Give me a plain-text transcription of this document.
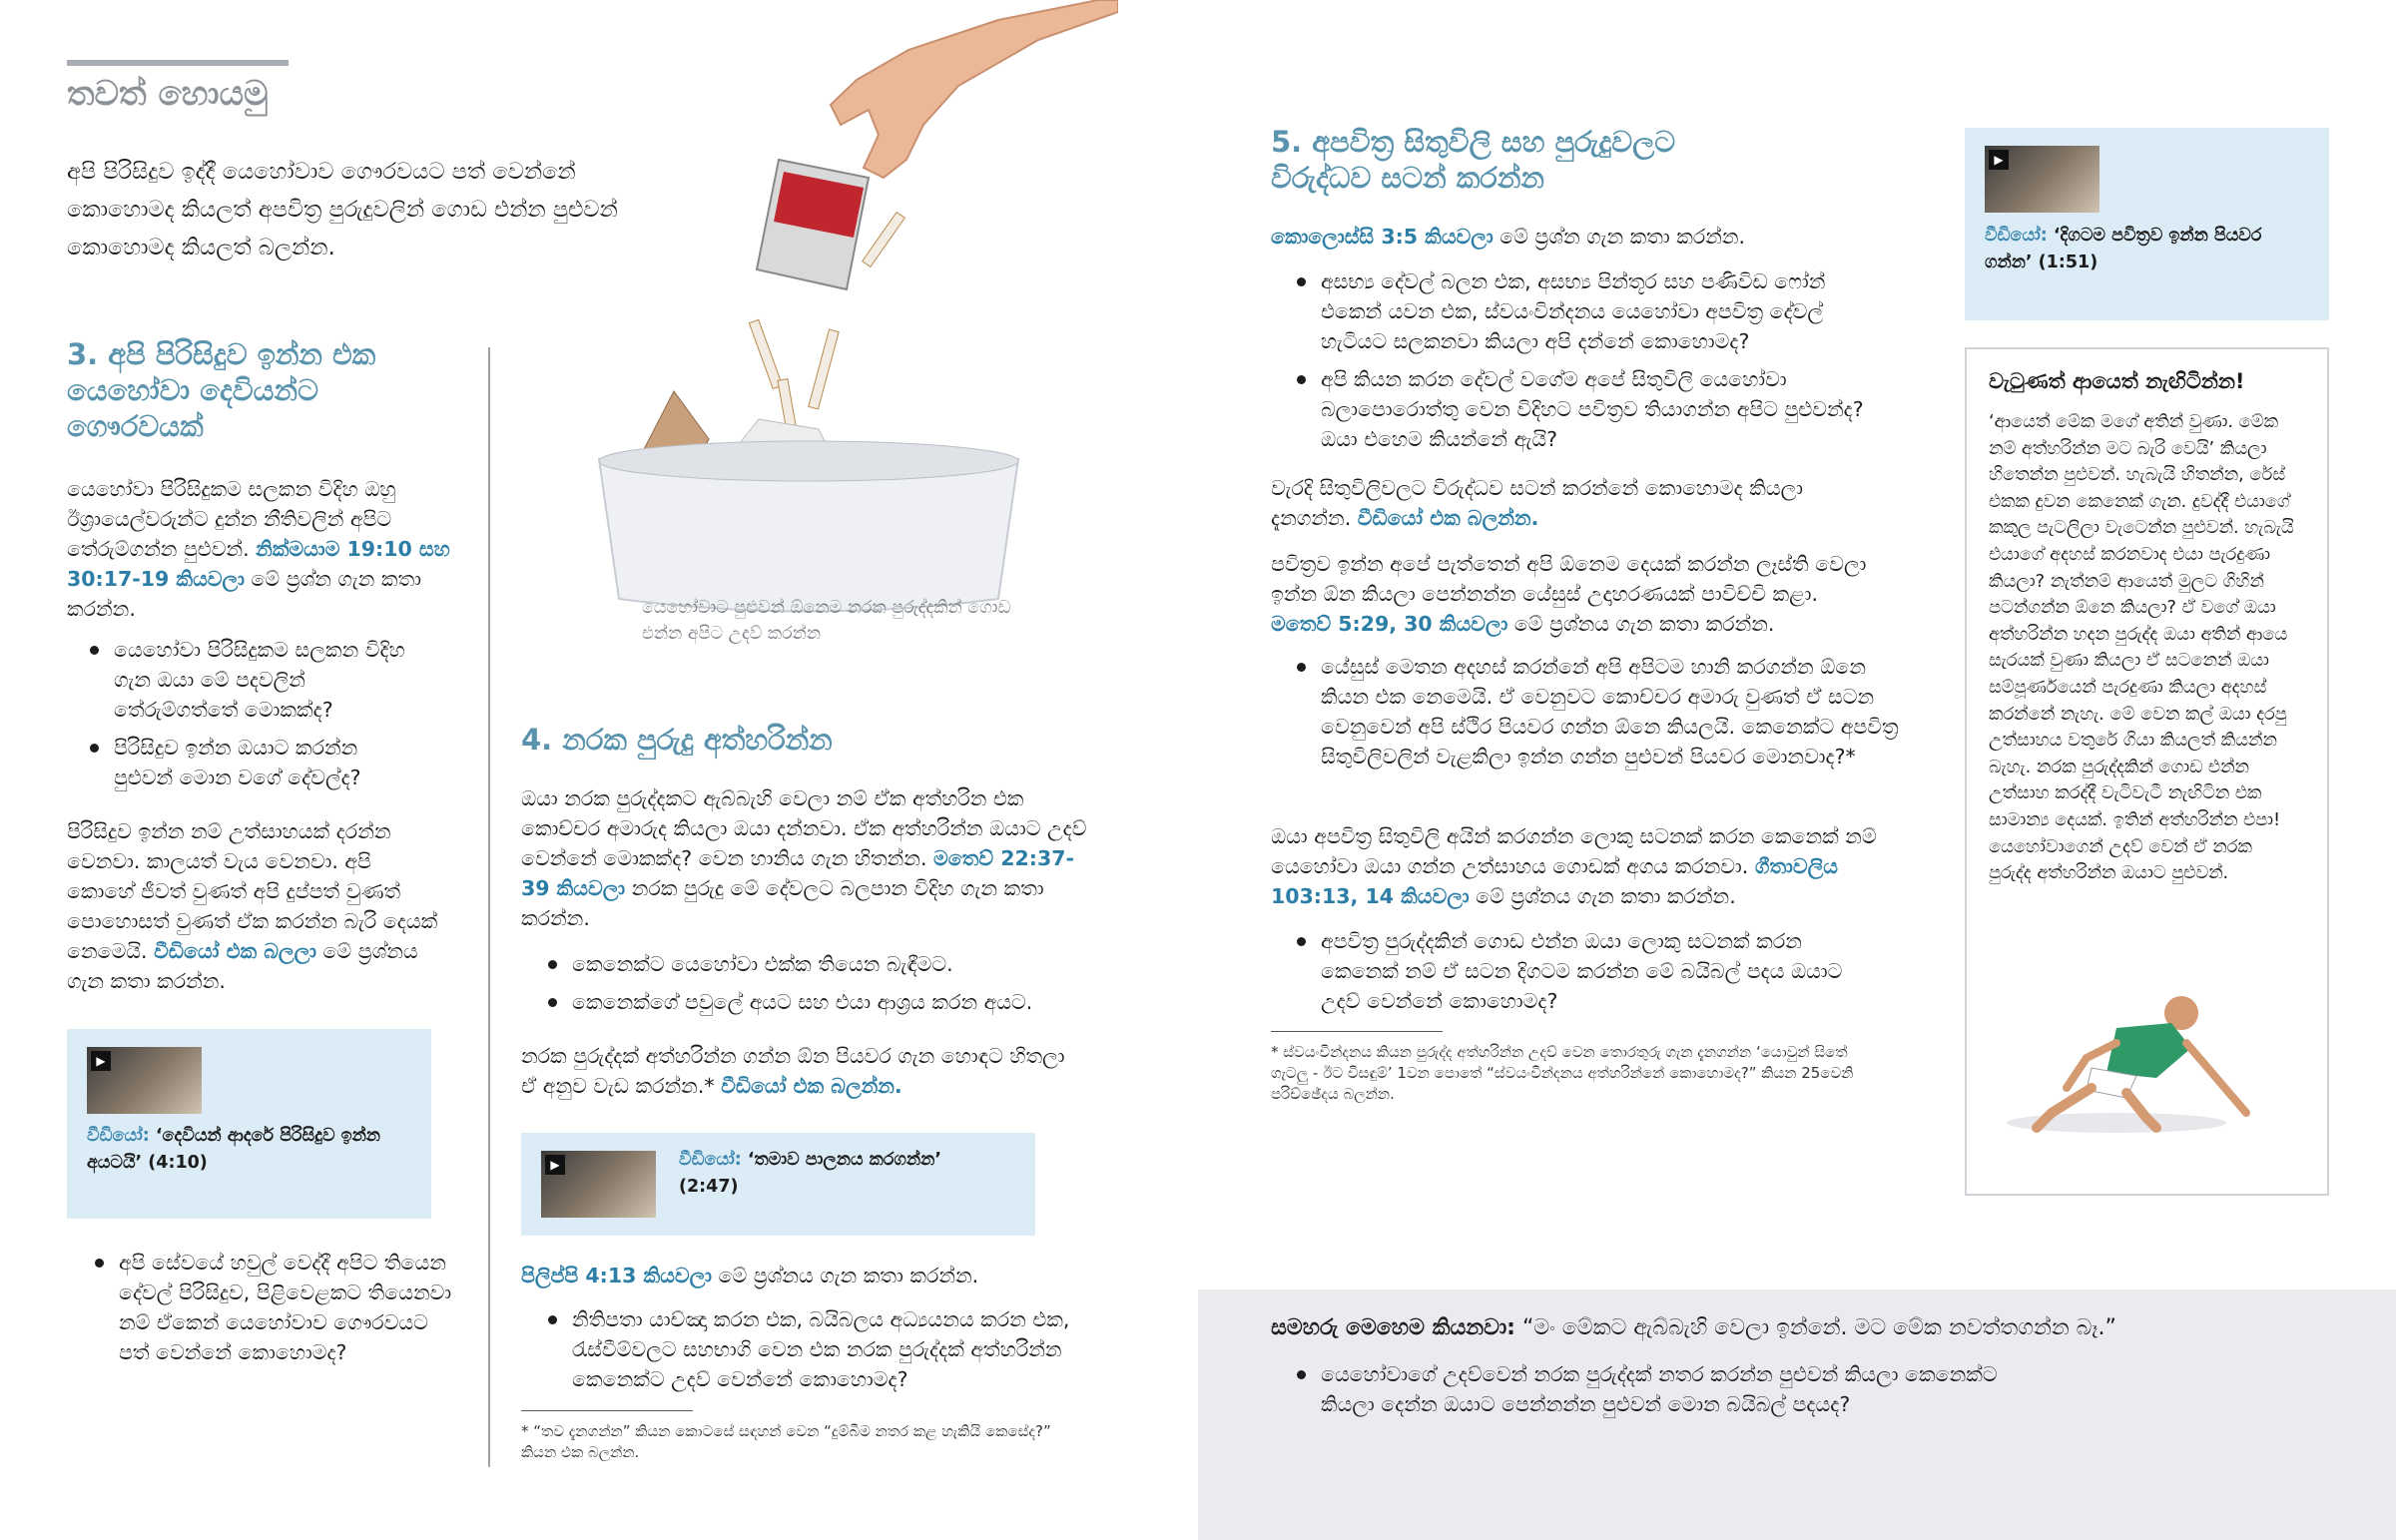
තවත් හොයමු
අපි පිරිසිදුව ඉද්දී යෙහෝවාව ගෞරවයට පත් වෙන්නේ කොහොමද කියලත් අපවිත්‍ර පුරුදුවලින් ගොඩ එන්න පුළුවන් කොහොමද කියලත් බලන්න.
3. අපි පිරිසිදුව ඉන්න එක යෙහෝවා දෙවියන්ට ගෞරවයක්
යෙහෝවා පිරිසිදුකම සලකන විදිහ ඔහු ඊශ්‍රායෙල්වරුන්ට දුන්න නීතිවලින් අපිට තේරුම්ගන්න පුළුවන්. නික්මයාම 19:10 සහ 30:17-19 කියවලා මේ ප්‍රශ්න ගැන කතා කරන්න.
යෙහෝවා පිරිසිදුකම සලකන විදිහ ගැන ඔයා මේ පදවලින් තේරුම්ගත්තේ මොකක්ද?
පිරිසිදුව ඉන්න ඔයාට කරන්න පුළුවන් මොන වගේ දේවල්ද?
පිරිසිදුව ඉන්න නම් උත්සාහයක් දරන්න වෙනවා. කාලයත් වැය වෙනවා. අපි කොහේ ජීවත් වුණත් අපි දුප්පත් වුණත් පොහොසත් වුණත් ඒක කරන්න බැරි දෙයක් නෙමෙයි. වීඩියෝ එක බලලා මේ ප්‍රශ්නය ගැන කතා කරන්න.
▶
වීඩියෝ: ‘දෙවියන් ආදරේ පිරිසිදුව ඉන්න අයටයි’ (4:10)
අපි සේවයේ හවුල් වෙද්දී අපිට තියෙන දේවල් පිරිසිදුව, පිළිවෙළකට තියෙනවා නම් ඒකෙන් යෙහෝවාව ගෞරවයට පත් වෙන්නේ කොහොමද?
යෙහෝවාට පුළුවන් ඕනෙම නරක පුරුද්දකින් ගොඩ එන්න අපිට උදව් කරන්න
4. නරක පුරුදු අත්හරින්න
ඔයා නරක පුරුද්දකට ඇබ්බැහි වෙලා නම් ඒක අත්හරින එක කොච්චර අමාරුද කියලා ඔයා දන්නවා. ඒක අත්හරින්න ඔයාට උදව් වෙන්නේ මොකක්ද? වෙන හානිය ගැන හිතන්න. මතෙව් 22:37-39 කියවලා නරක පුරුදු මේ දේවලට බලපාන විදිහ ගැන කතා කරන්න.
කෙනෙක්ට යෙහෝවා එක්ක තියෙන බැඳීමට.
කෙනෙක්ගේ පවුලේ අයට සහ එයා ආශ්‍රය කරන අයට.
නරක පුරුද්දක් අත්හරින්න ගන්න ඕන පියවර ගැන හොඳට හිතලා ඒ අනුව වැඩ කරන්න.* වීඩියෝ එක බලන්න.
▶	වීඩියෝ: ‘තමාව පාලනය කරගන්න’
(2:47)
පිලිප්පි 4:13 කියවලා මේ ප්‍රශ්නය ගැන කතා කරන්න.
නිතිපතා යාච්ඤා කරන එක, බයිබලය අධ්‍යයනය කරන එක, රැස්වීම්වලට සහභාගි වෙන එක නරක පුරුද්දක් අත්හරින්න කෙනෙක්ට උදව් වෙන්නේ කොහොමද?
* “තව දැනගන්න” කියන කොටසේ සඳහන් වෙන “දුම්බීම නතර කළ හැකියි කෙසේද?” කියන එක බලන්න.
5. අපවිත්‍ර සිතුවිලි සහ පුරුදුවලට විරුද්ධව සටන් කරන්න
කොලොස්සි 3:5 කියවලා මේ ප්‍රශ්න ගැන කතා කරන්න.
අසභ්‍ය දේවල් බලන එක, අසභ්‍ය පින්තූර සහ පණිවිඩ ෆෝන් එකෙන් යවන එක, ස්වයංවින්දනය යෙහෝවා අපවිත්‍ර දේවල් හැටියට සලකනවා කියලා අපි දන්නේ කොහොමද?
අපි කියන කරන දේවල් වගේම අපේ සිතුවිලි යෙහෝවා බලාපොරොත්තු වෙන විදිහට පවිත්‍රව තියාගන්න අපිට පුළුවන්ද? ඔයා එහෙම කියන්නේ ඇයි?
වැරදි සිතුවිලිවලට විරුද්ධව සටන් කරන්නේ කොහොමද කියලා දැනගන්න. වීඩියෝ එක බලන්න.
පවිත්‍රව ඉන්න අපේ පැත්තෙන් අපි ඕනෙම දෙයක් කරන්න ලෑස්ති වෙලා ඉන්න ඕන කියලා පෙන්නන්න යේසුස් උදාහරණයක් පාවිච්චි කළා. මතෙව් 5:29, 30 කියවලා මේ ප්‍රශ්නය ගැන කතා කරන්න.
යේසුස් මෙතන අදහස් කරන්නේ අපි අපිටම හානි කරගන්න ඕනෙ කියන එක නෙමෙයි. ඒ වෙනුවට කොච්චර අමාරු වුණත් ඒ සටන වෙනුවෙන් අපි ස්ථිර පියවර ගන්න ඕනෙ කියලයි. කෙනෙක්ට අපවිත්‍ර සිතුවිලිවලින් වැළකිලා ඉන්න ගන්න පුළුවන් පියවර මොනවාද?*
ඔයා අපවිත්‍ර සිතුවිලි අයින් කරගන්න ලොකු සටනක් කරන කෙනෙක් නම් යෙහෝවා ඔයා ගන්න උත්සාහය ගොඩක් අගය කරනවා. ගීතාවලිය 103:13, 14 කියවලා මේ ප්‍රශ්නය ගැන කතා කරන්න.
අපවිත්‍ර පුරුද්දකින් ගොඩ එන්න ඔයා ලොකු සටනක් කරන කෙනෙක් නම් ඒ සටන දිගටම කරන්න මේ බයිබල් පදය ඔයාට උදව් වෙන්නේ කොහොමද?
* ස්වයංවින්දනය කියන පුරුද්ද අත්හරින්න උදව් වෙන තොරතුරු ගැන දැනගන්න ‘යොවුන් සිතේ ගැටලු - ඊට විසඳුම්’ 1වන පොතේ “ස්වයංවින්දනය අත්හරින්නේ කොහොමද?” කියන 25වෙනි පරිච්ඡේදය බලන්න.
▶
වීඩියෝ: ‘දිගටම පවිත්‍රව ඉන්න පියවර ගන්න’ (1:51)
වැටුණත් ආයෙත් නැඟිටින්න!
‘ආයෙත් මේක මගේ අතින් වුණා. මේක නම් අත්හරින්න මට බැරි වෙයි’ කියලා හිතෙන්න පුළුවන්. හැබැයි හිතන්න, රේස් එකක දුවන කෙනෙක් ගැන. දුවද්දී එයාගේ කකුල පැටලිලා වැටෙන්න පුළුවන්. හැබැයි එයාගේ අදහස් කරනවාද එයා පැරදුණා කියලා? නැත්නම් ආයෙත් මුලට ගිහින් පටන්ගන්න ඕනෙ කියලා? ඒ වගේ ඔයා අත්හරින්න හදන පුරුද්ද ඔයා අතින් ආයෙ සැරයක් වුණා කියලා ඒ සටනෙන් ඔයා සම්පූර්ණයෙන් පැරදුණා කියලා අදහස් කරන්නේ නැහැ. මේ වෙන කල් ඔයා දරපු උත්සාහය වතුරේ ගියා කියලත් කියන්න බැහැ. නරක පුරුද්දකින් ගොඩ එන්න උත්සාහ කරද්දී වැටිවැටී නැඟිටින එක සාමාන්‍ය දෙයක්. ඉතින් අත්හරින්න එපා! යෙහෝවාගෙන් උදව් වෙන් ඒ නරක පුරුද්ද අත්හරින්න ඔයාට පුළුවන්.
සමහරු මෙහෙම කියනවා: “මං මේකට ඇබ්බැහි වෙලා ඉන්නේ. මට මේක නවත්තගන්න බෑ.”
යෙහෝවාගේ උදව්වෙන් නරක පුරුද්දක් නතර කරන්න පුළුවන් කියලා කෙනෙක්ට කියලා දෙන්න ඔයාට පෙන්නන්න පුළුවන් මොන බයිබල් පදයද?
